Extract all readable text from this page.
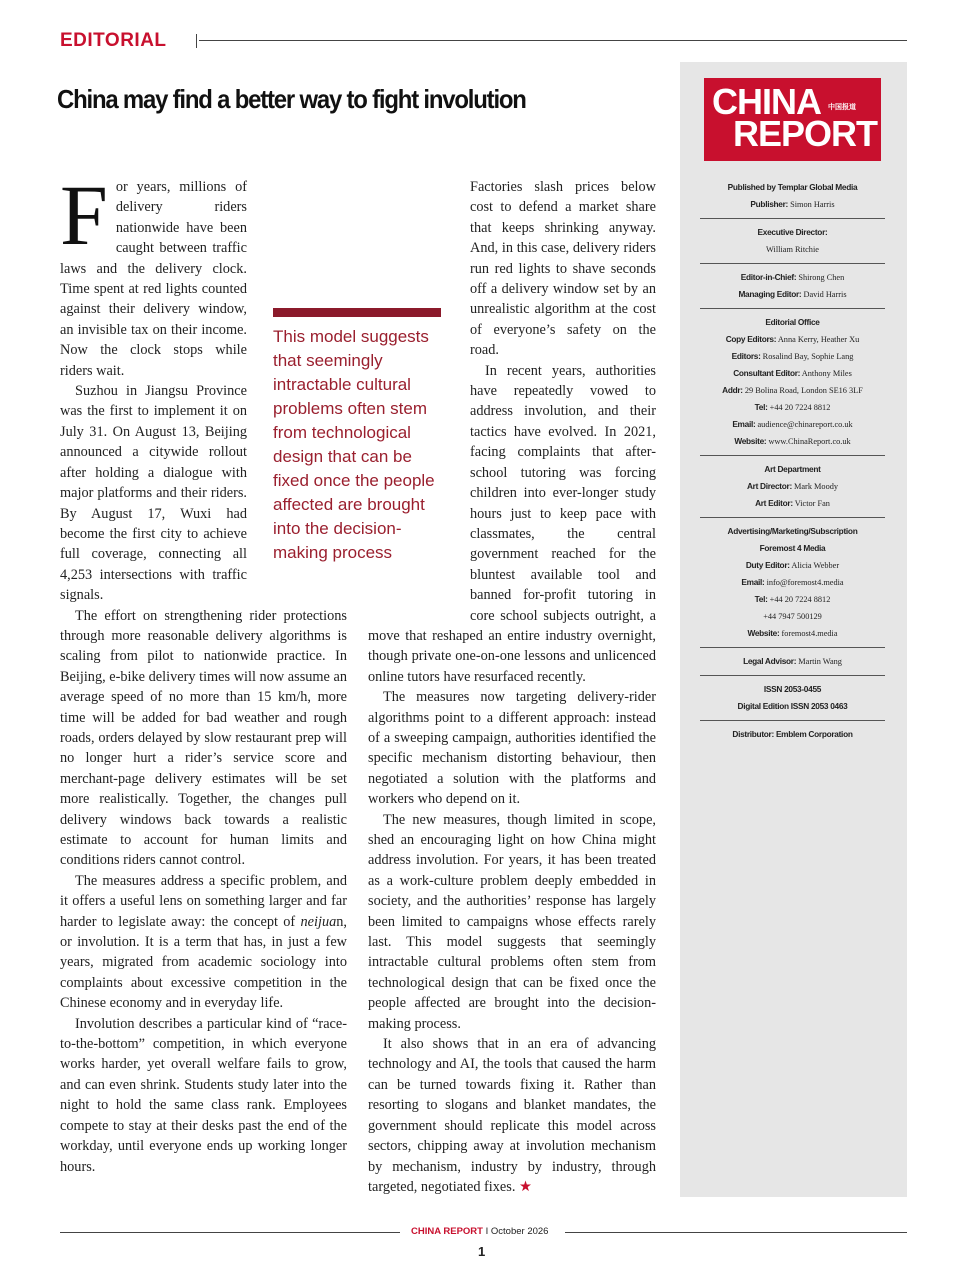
EDITORIAL
China may find a better way to fight involution

For years, millions of delivery riders nationwide have been caught between traffic laws and the delivery clock. Time spent at red lights counted against their delivery window, an invisible tax on their income. Now the clock stops while riders wait.

Suzhou in Jiangsu Province was the first to implement it on July 31. On August 13, Beijing announced a citywide rollout after holding a dialogue with major platforms and their riders. By August 17, Wuxi had become the first city to achieve full coverage, connecting all 4,253 intersections with traffic signals.

The effort on strengthening rider protections through more reasonable delivery algorithms is scaling from pilot to nationwide practice. In Beijing, e-bike delivery times will now assume an average speed of no more than 15 km/h, more time will be added for bad weather and rough roads, orders delayed by slow restaurant prep will no longer hurt a rider’s service score and merchant-page delivery estimates will be set more realistically. Together, the changes pull delivery windows back towards a realistic estimate to account for human limits and conditions riders cannot control.

The measures address a specific problem, and it offers a useful lens on something larger and far harder to legislate away: the concept of neijuan, or involution. It is a term that has, in just a few years, migrated from academic sociology into complaints about excessive competition in the Chinese economy and in everyday life.

Involution describes a particular kind of “race-to-the-bottom” competition, in which everyone works harder, yet overall welfare fails to grow, and can even shrink. Students study later into the night to hold the same class rank. Employees compete to stay at their desks past the end of the workday, until everyone ends up working longer hours.

Factories slash prices below cost to defend a market share that keeps shrinking anyway. And, in this case, delivery riders run red lights to shave seconds off a delivery window set by an unrealistic algorithm at the cost of everyone’s safety on the road.

In recent years, authorities have repeatedly vowed to address involution, and their tactics have evolved. In 2021, facing complaints that after-school tutoring was forcing children into ever-longer study hours just to keep pace with classmates, the central government reached for the bluntest available tool and banned for-profit tutoring in core school subjects outright, a move that reshaped an entire industry overnight, though private one-on-one lessons and unlicenced online tutors have resurfaced recently.

The measures now targeting delivery-rider algorithms point to a different approach: instead of a sweeping campaign, authorities identified the specific mechanism distorting behaviour, then negotiated a solution with the platforms and workers who depend on it.

The new measures, though limited in scope, shed an encouraging light on how China might address involution. For years, it has been treated as a work-culture problem deeply embedded in society, and the authorities’ response has largely been limited to campaigns whose effects rarely last. This model suggests that seemingly intractable cultural problems often stem from technological design that can be fixed once the people affected are brought into the decision-making process.

It also shows that in an era of advancing technology and AI, the tools that caused the harm can be turned towards fixing it. Rather than resorting to slogans and blanket mandates, the government should replicate this model across sectors, chipping away at involution mechanism by mechanism, industry by industry, through targeted, negotiated fixes. ★

This model suggests that seemingly intractable cultural problems often stem from technological design that can be fixed once the people affected are brought into the decision-making process
CHINA 中国报道
REPORT
Published by Templar Global Media
Publisher: Simon Harris
Executive Director:
William Ritchie
Editor-in-Chief: Shirong Chen
Managing Editor: David Harris
Editorial Office
Copy Editors: Anna Kerry, Heather Xu
Editors: Rosalind Bay, Sophie Lang
Consultant Editor: Anthony Miles
Addr: 29 Bolina Road, London SE16 3LF
Tel: +44 20 7224 8812
Email: audience@chinareport.co.uk
Website: www.ChinaReport.co.uk
Art Department
Art Director: Mark Moody
Art Editor: Victor Fan
Advertising/Marketing/Subscription
Foremost 4 Media
Duty Editor: Alicia Webber
Email: info@foremost4.media
Tel: +44 20 7224 8812
+44 7947 500129
Website: foremost4.media
Legal Advisor: Martin Wang
ISSN 2053-0455
Digital Edition ISSN 2053 0463
Distributor: Emblem Corporation
CHINA REPORT I October 2026
1
